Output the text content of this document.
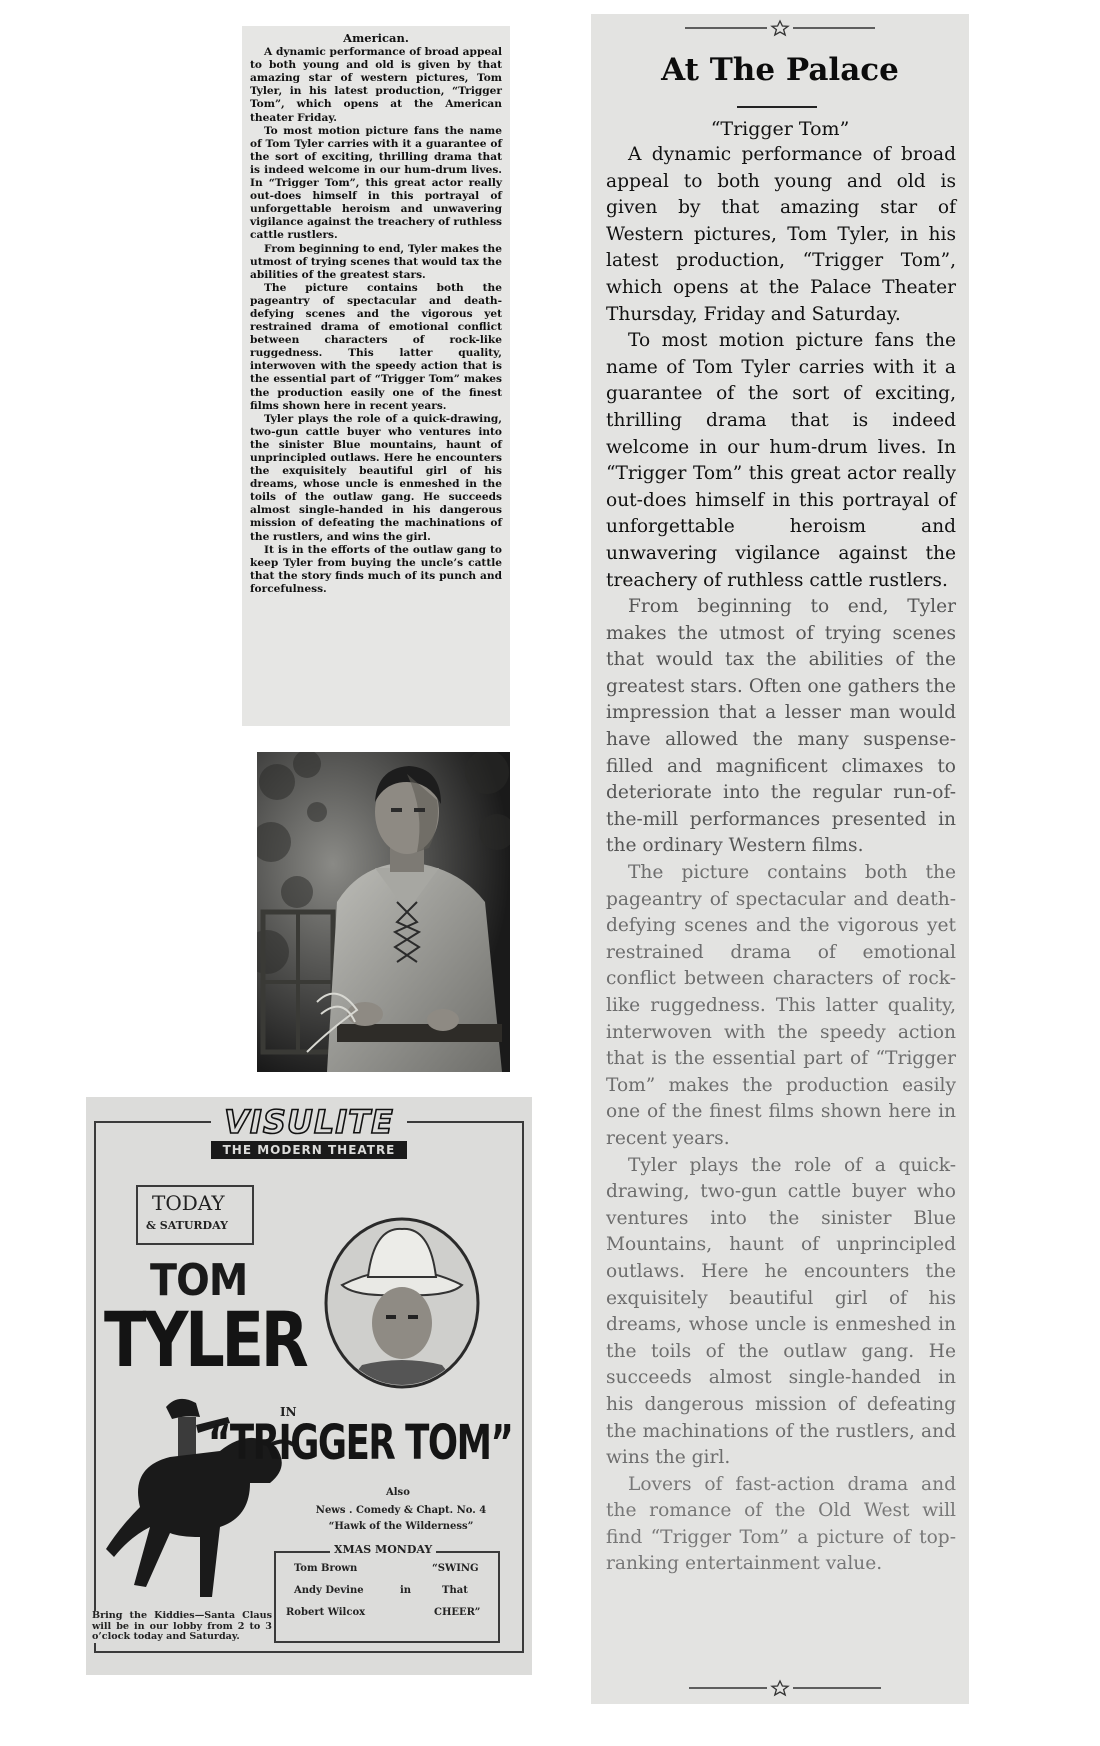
American.

A dynamic performance of broad appeal to both young and old is given by that amazing star of western pictures, Tom Tyler, in his latest production, “Trigger Tom”, which opens at the American theater Friday.

To most motion picture fans the name of Tom Tyler carries with it a guarantee of the sort of exciting, thrilling drama that is indeed welcome in our hum-drum lives. In “Trigger Tom”, this great actor really out-does himself in this portrayal of unforgettable heroism and unwavering vigilance against the treachery of ruthless cattle rustlers.

From beginning to end, Tyler makes the utmost of trying scenes that would tax the abilities of the greatest stars.

The picture contains both the pageantry of spectacular and death-defying scenes and the vigorous yet restrained drama of emotional conflict between characters of rock-like ruggedness. This latter quality, interwoven with the speedy action that is the essential part of “Trigger Tom” makes the production easily one of the finest films shown here in recent years.

Tyler plays the role of a quick-drawing, two-gun cattle buyer who ventures into the sinister Blue mountains, haunt of unprincipled outlaws. Here he encounters the exquisitely beautiful girl of his dreams, whose uncle is enmeshed in the toils of the outlaw gang. He succeeds almost single-handed in his dangerous mission of defeating the machinations of the rustlers, and wins the girl.

It is in the efforts of the outlaw gang to keep Tyler from buying the uncle’s cattle that the story finds much of its punch and forcefulness.

VISULITE
THE MODERN THEATRE
TODAY
& SATURDAY
TOM
TYLER
IN
“TRIGGER TOM”
Also
News . Comedy & Chapt. No. 4
“Hawk of the Wilderness”
XMAS MONDAY
Tom Brown
Andy Devine
Robert Wilcox
in
“SWING
That
CHEER”
Bring the Kiddies—Santa Claus will be in our lobby from 2 to 3 o’clock today and Saturday.
At The Palace
“Trigger Tom”

A dynamic performance of broad appeal to both young and old is given by that amazing star of Western pictures, Tom Tyler, in his latest production, “Trigger Tom”, which opens at the Palace Theater Thursday, Friday and Saturday.

To most motion picture fans the name of Tom Tyler carries with it a guarantee of the sort of exciting, thrilling drama that is indeed welcome in our hum-drum lives. In “Trigger Tom” this great actor really out-does himself in this portrayal of unforgettable heroism and unwavering vigilance against the treachery of ruthless cattle rustlers.

From beginning to end, Tyler makes the utmost of trying scenes that would tax the abilities of the greatest stars. Often one gathers the impression that a lesser man would have allowed the many suspense-filled and magnificent climaxes to deteriorate into the regular run-of-the-mill performances presented in the ordinary Western films.

The picture contains both the pageantry of spectacular and death-defying scenes and the vigorous yet restrained drama of emotional conflict between characters of rock-like ruggedness. This latter quality, interwoven with the speedy action that is the essential part of “Trigger Tom” makes the production easily one of the finest films shown here in recent years.

Tyler plays the role of a quick-drawing, two-gun cattle buyer who ventures into the sinister Blue Mountains, haunt of unprincipled outlaws. Here he encounters the exquisitely beautiful girl of his dreams, whose uncle is enmeshed in the toils of the outlaw gang. He succeeds almost single-handed in his dangerous mission of defeating the machinations of the rustlers, and wins the girl.

Lovers of fast-action drama and the romance of the Old West will find “Trigger Tom” a picture of top-ranking entertainment value.
